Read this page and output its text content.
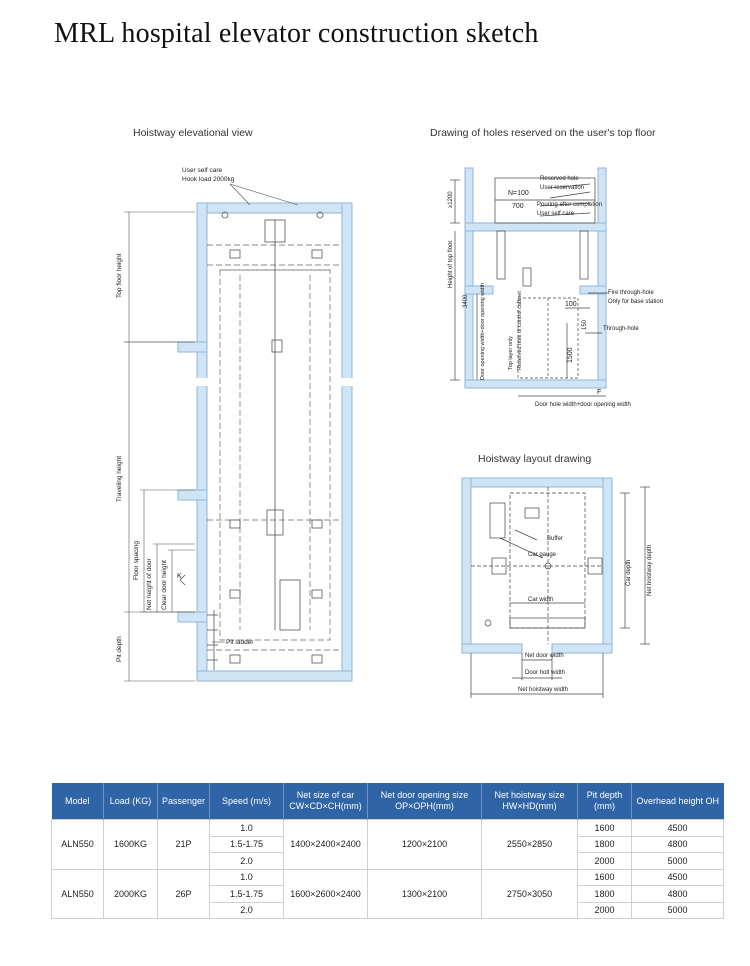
MRL hospital elevator construction sketch
Hoistway elevational view	Drawing of holes reserved on the user's top floor
Hoistway layout drawing
User self care
Hook load 2000kg
Top floor height
Traveling height
Floor spacing Net height of door Clear door height
Pit depth	Pit ladder
K
Reserved hole
User reservation
Pouring after completion
User self care
N=100
700
≥1200
Height of top floor
3400 Door opening width+door opening width	Top layer only Reserved hole of control cabinet	Fire through-hole
Only for base station
100
150
1500
Through-hole
F
Door hole width+door opening width
Buffer
Car gauge
Car width
Car depth	Net hoistway depth
Net door width
Door holt width
Net hoistway width
Model	Load (KG)	Passenger	Speed (m/s)	Net size of car CW×CD×CH(mm)	Net door opening size OP×OPH(mm)	Net hoistway size HW×HD(mm)	Pit depth (mm)	Overhead height OH
ALN550	1600KG	21P	1.0	1400×2400×2400	1200×2100	2550×2850	1600	4500
			1.5-1.75				1800	4800
			2.0				2000	5000
ALN550	2000KG	26P	1.0	1600×2600×2400	1300×2100	2750×3050	1600	4500
			1.5-1.75				1800	4800
			2.0				2000	5000
